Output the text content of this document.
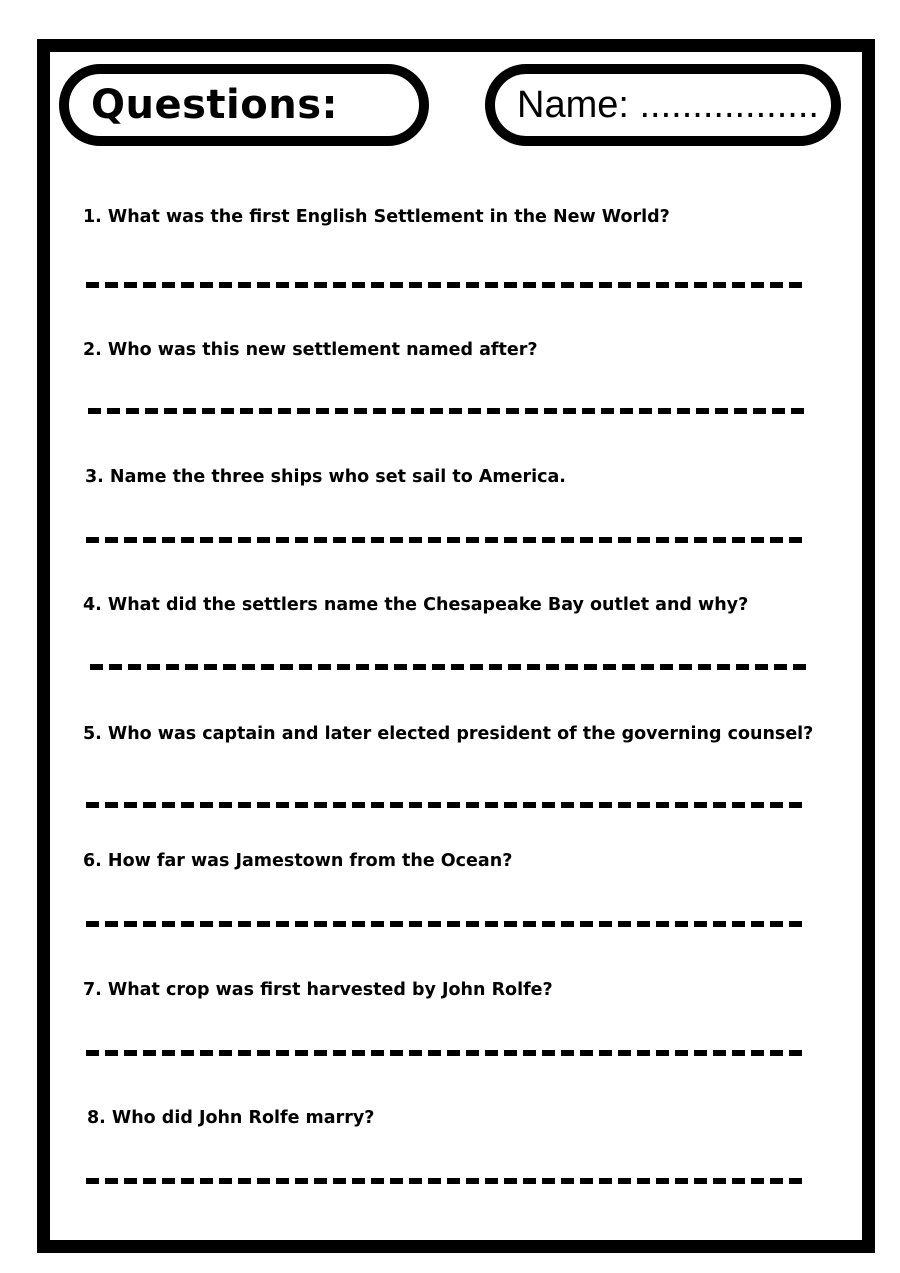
Questions:	Name: .................
1. What was the first English Settlement in the New World?
2. Who was this new settlement named after?
3. Name the three ships who set sail to America.
4. What did the settlers name the Chesapeake Bay outlet and why?
5. Who was captain and later elected president of the governing counsel?
6. How far was Jamestown from the Ocean?
7. What crop was first harvested by John Rolfe?
8. Who did John Rolfe marry?
